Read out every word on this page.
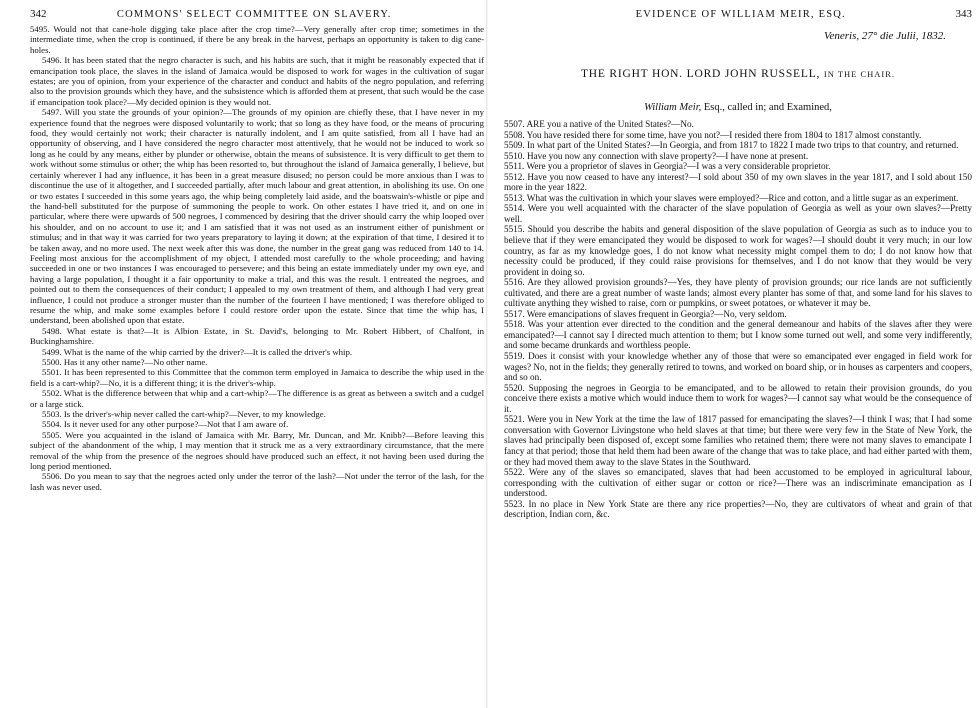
342	COMMONS' SELECT COMMITTEE ON SLAVERY.

5495. Would not that cane-hole digging take place after the crop time?—Very generally after crop time; sometimes in the intermediate time, when the crop is continued, if there be any break in the harvest, perhaps an opportunity is taken to dig cane-holes.

5496. It has been stated that the negro character is such, and his habits are such, that it might be reasonably expected that if emancipation took place, the slaves in the island of Jamaica would be disposed to work for wages in the cultivation of sugar estates; are you of opinion, from your experience of the character and conduct and habits of the negro population, and referring also to the provision grounds which they have, and the subsistence which is afforded them at present, that such would be the case if emancipation took place?—My decided opinion is they would not.

5497. Will you state the grounds of your opinion?—The grounds of my opinion are chiefly these, that I have never in my experience found that the negroes were disposed voluntarily to work; that so long as they have food, or the means of procuring food, they would certainly not work; their character is naturally indolent, and I am quite satisfied, from all I have had an opportunity of observing, and I have considered the negro character most attentively, that he would not be induced to work so long as he could by any means, either by plunder or otherwise, obtain the means of subsistence. It is very difficult to get them to work without some stimulus or other; the whip has been resorted to, but throughout the island of Jamaica generally, I believe, but certainly wherever I had any influence, it has been in a great measure disused; no person could be more anxious than I was to discontinue the use of it altogether, and I succeeded partially, after much labour and great attention, in abolishing its use. On one or two estates I succeeded in this some years ago, the whip being completely laid aside, and the boatswain's-whistle or pipe and the hand-bell substituted for the purpose of summoning the people to work. On other estates I have tried it, and on one in particular, where there were upwards of 500 negroes, I commenced by desiring that the driver should carry the whip looped over his shoulder, and on no account to use it; and I am satisfied that it was not used as an instrument either of punishment or stimulus; and in that way it was carried for two years preparatory to laying it down; at the expiration of that time, I desired it to be taken away, and no more used. The next week after this was done, the number in the great gang was reduced from 140 to 14. Feeling most anxious for the accomplishment of my object, I attended most carefully to the whole proceeding; and having succeeded in one or two instances I was encouraged to persevere; and this being an estate immediately under my own eye, and having a large population, I thought it a fair opportunity to make a trial, and this was the result. I entreated the negroes, and pointed out to them the consequences of their conduct; I appealed to my own treatment of them, and although I had very great influence, I could not produce a stronger muster than the number of the fourteen I have mentioned; I was therefore obliged to resume the whip, and make some examples before I could restore order upon the estate. Since that time the whip has, I understand, been abolished upon that estate.

5498. What estate is that?—It is Albion Estate, in St. David's, belonging to Mr. Robert Hibbert, of Chalfont, in Buckinghamshire.

5499. What is the name of the whip carried by the driver?—It is called the driver's whip.

5500. Has it any other name?—No other name.

5501. It has been represented to this Committee that the common term employed in Jamaica to describe the whip used in the field is a cart-whip?—No, it is a different thing; it is the driver's-whip.

5502. What is the difference between that whip and a cart-whip?—The difference is as great as between a switch and a cudgel or a large stick.

5503. Is the driver's-whip never called the cart-whip?—Never, to my knowledge.

5504. Is it never used for any other purpose?—Not that I am aware of.

5505. Were you acquainted in the island of Jamaica with Mr. Barry, Mr. Duncan, and Mr. Knibb?—Before leaving this subject of the abandonment of the whip, I may mention that it struck me as a very extraordinary circumstance, that the mere removal of the whip from the presence of the negroes should have produced such an effect, it not having been used during the long period mentioned.

5506. Do you mean to say that the negroes acted only under the terror of the lash?—Not under the terror of the lash, for the lash was never used.

EVIDENCE OF WILLIAM MEIR, ESQ.	343
Veneris, 27° die Julii, 1832.
THE RIGHT HON. LORD JOHN RUSSELL, IN THE CHAIR.
William Meir, Esq., called in; and Examined,

5507. ARE you a native of the United States?—No.

5508. You have resided there for some time, have you not?—I resided there from 1804 to 1817 almost constantly.

5509. In what part of the United States?—In Georgia, and from 1817 to 1822 I made two trips to that country, and returned.

5510. Have you now any connection with slave property?—I have none at present.

5511. Were you a proprietor of slaves in Georgia?—I was a very considerable proprietor.

5512. Have you now ceased to have any interest?—I sold about 350 of my own slaves in the year 1817, and I sold about 150 more in the year 1822.

5513. What was the cultivation in which your slaves were employed?—Rice and cotton, and a little sugar as an experiment.

5514. Were you well acquainted with the character of the slave population of Georgia as well as your own slaves?—Pretty well.

5515. Should you describe the habits and general disposition of the slave population of Georgia as such as to induce you to believe that if they were emancipated they would be disposed to work for wages?—I should doubt it very much; in our low country, as far as my knowledge goes, I do not know what necessity might compel them to do; I do not know how that necessity could be produced, if they could raise provisions for themselves, and I do not know that they would be very provident in doing so.

5516. Are they allowed provision grounds?—Yes, they have plenty of provision grounds; our rice lands are not sufficiently cultivated, and there are a great number of waste lands; almost every planter has some of that, and some land for his slaves to cultivate anything they wished to raise, corn or pumpkins, or sweet potatoes, or whatever it may be.

5517. Were emancipations of slaves frequent in Georgia?—No, very seldom.

5518. Was your attention ever directed to the condition and the general demeanour and habits of the slaves after they were emancipated?—I cannot say I directed much attention to them; but I know some turned out well, and some very indifferently, and some became drunkards and worthless people.

5519. Does it consist with your knowledge whether any of those that were so emancipated ever engaged in field work for wages? No, not in the fields; they generally retired to towns, and worked on board ship, or in houses as carpenters and coopers, and so on.

5520. Supposing the negroes in Georgia to be emancipated, and to be allowed to retain their provision grounds, do you conceive there exists a motive which would induce them to work for wages?—I cannot say what would be the consequence of it.

5521. Were you in New York at the time the law of 1817 passed for emancipating the slaves?—I think I was; that I had some conversation with Governor Livingstone who held slaves at that time; but there were very few in the State of New York, the slaves had principally been disposed of, except some families who retained them; there were not many slaves to emancipate I fancy at that period; those that held them had been aware of the change that was to take place, and had either parted with them, or they had moved them away to the slave States in the Southward.

5522. Were any of the slaves so emancipated, slaves that had been accustomed to be employed in agricultural labour, corresponding with the cultivation of either sugar or cotton or rice?—There was an indiscriminate emancipation as I understood.

5523. In no place in New York State are there any rice properties?—No, they are cultivators of wheat and grain of that description, Indian corn, &c.
